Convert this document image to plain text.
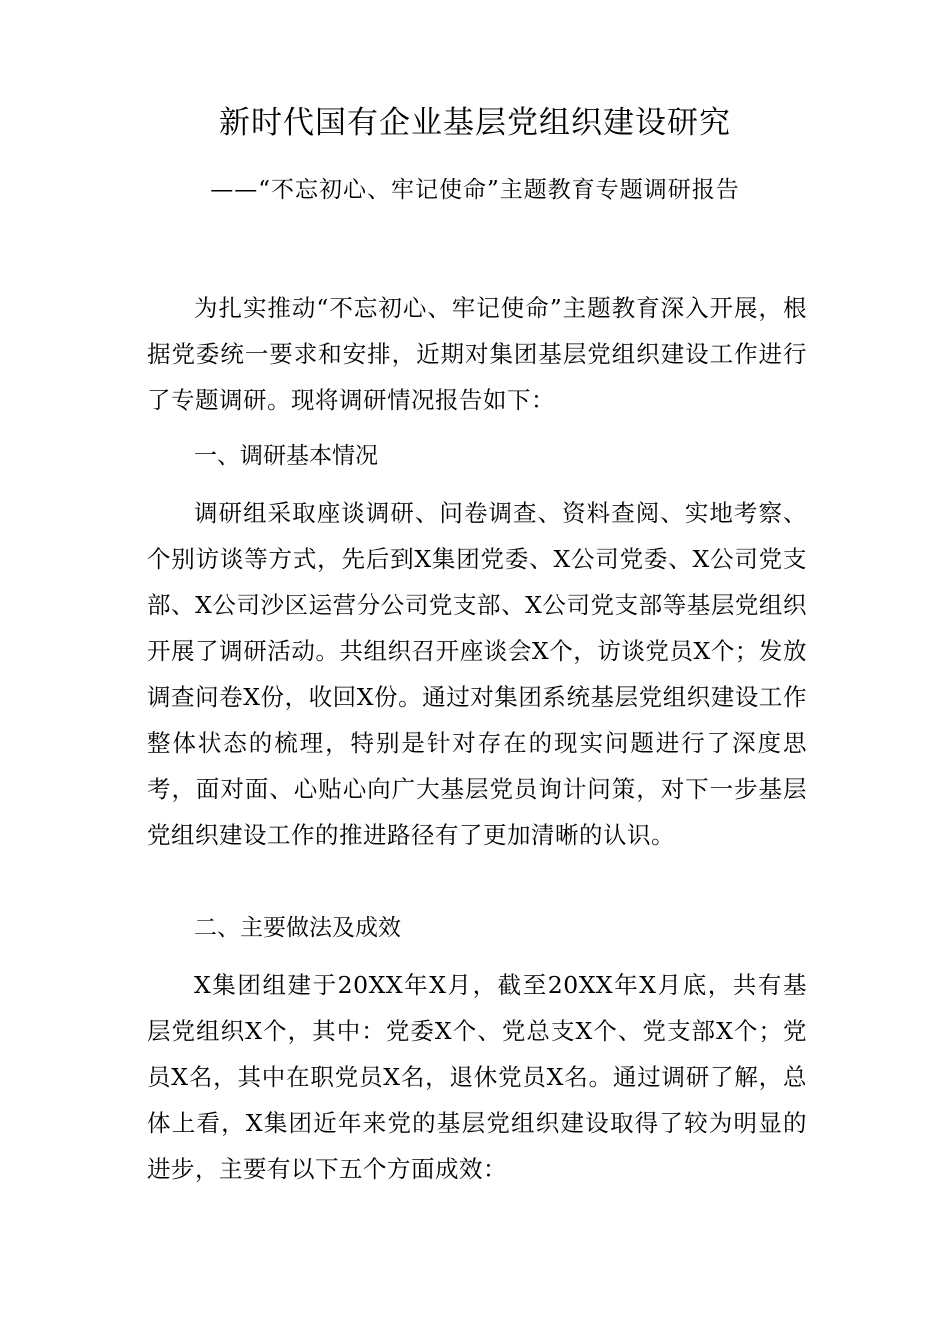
新时代国有企业基层党组织建设研究

——“不忘初心、牢记使命”主题教育专题调研报告

为扎实推动“不忘初心、牢记使命”主题教育深入开展，根据党委统一要求和安排，近期对集团基层党组织建设工作进行了专题调研。现将调研情况报告如下：

一、调研基本情况

调研组采取座谈调研、问卷调查、资料查阅、实地考察、个别访谈等方式，先后到X集团党委、X公司党委、X公司党支部、X公司沙区运营分公司党支部、X公司党支部等基层党组织开展了调研活动。共组织召开座谈会X个，访谈党员X个；发放调查问卷X份，收回X份。通过对集团系统基层党组织建设工作整体状态的梳理，特别是针对存在的现实问题进行了深度思考，面对面、心贴心向广大基层党员询计问策，对下一步基层党组织建设工作的推进路径有了更加清晰的认识。

二、主要做法及成效

X集团组建于20XX年X月，截至20XX年X月底，共有基层党组织X个，其中：党委X个、党总支X个、党支部X个；党员X名，其中在职党员X名，退休党员X名。通过调研了解，总体上看，X集团近年来党的基层党组织建设取得了较为明显的进步，主要有以下五个方面成效：
